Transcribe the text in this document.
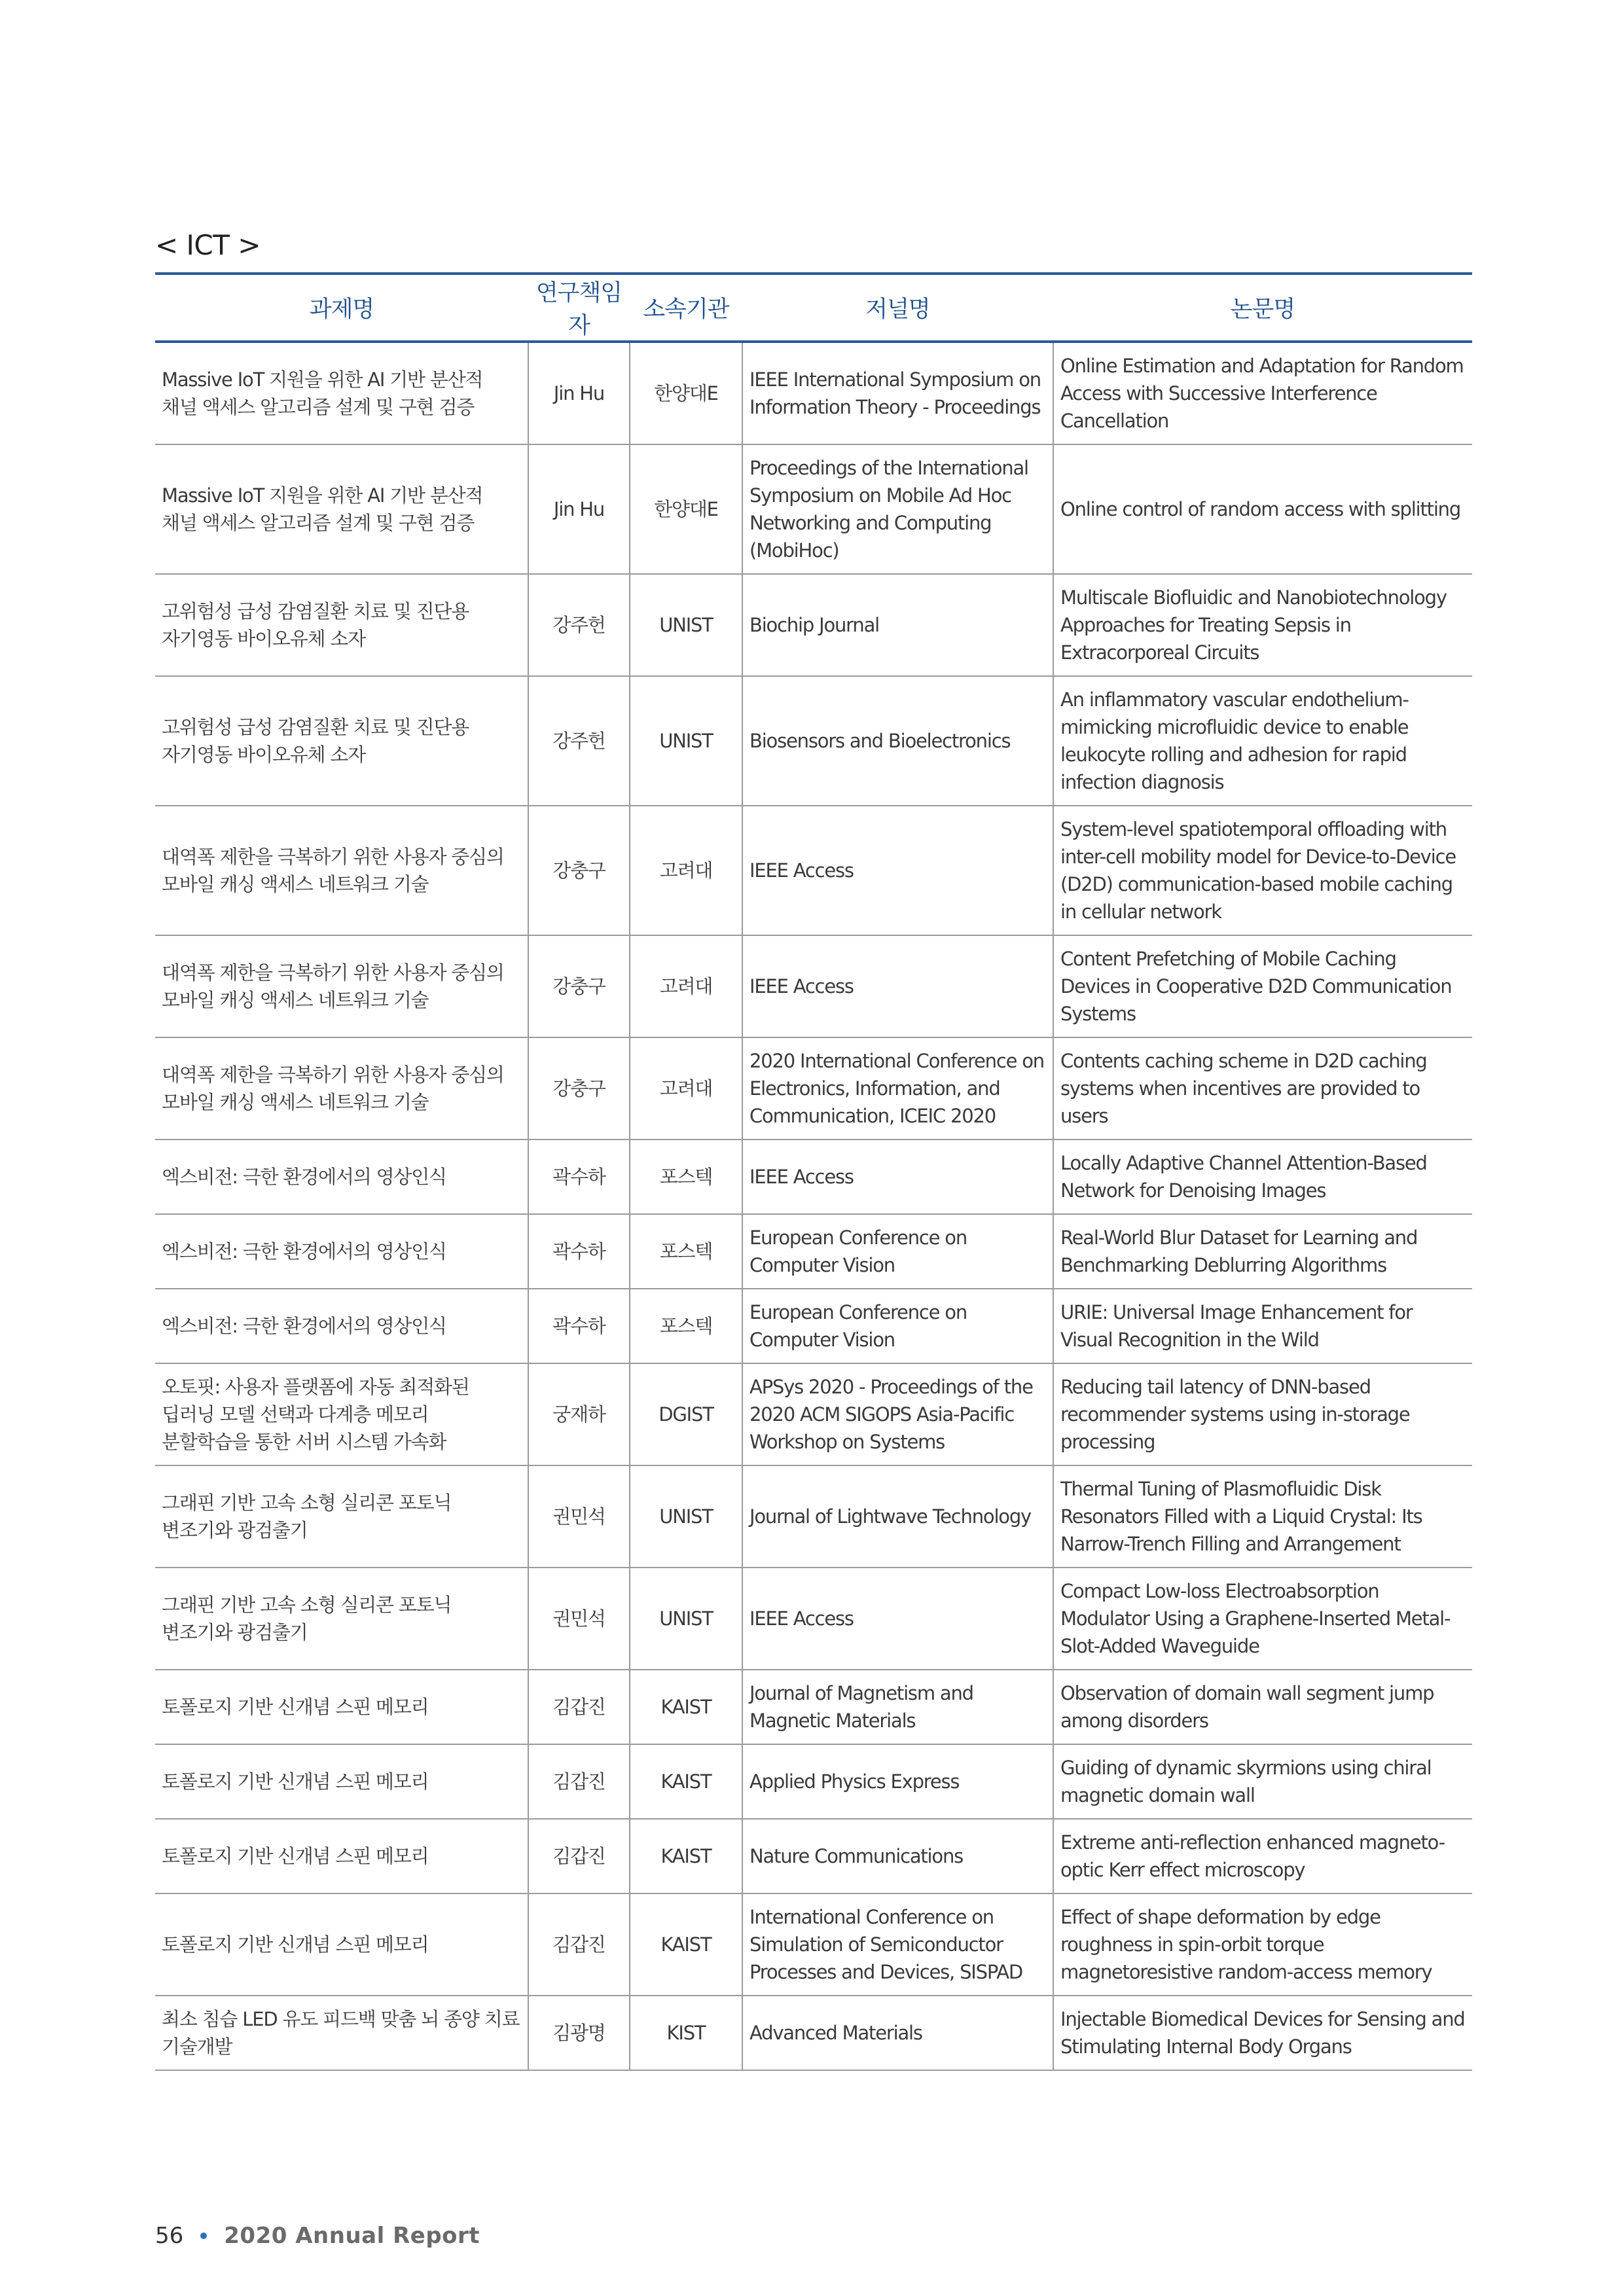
< ICT >
과제명	연구책임자	소속기관	저널명	논문명
Massive IoT 지원을 위한 AI 기반 분산적 채널 액세스 알고리즘 설계 및 구현 검증	Jin Hu	한양대E	IEEE International Symposium on Information Theory - Proceedings	Online Estimation and Adaptation for Random Access with Successive Interference Cancellation
Massive IoT 지원을 위한 AI 기반 분산적 채널 액세스 알고리즘 설계 및 구현 검증	Jin Hu	한양대E	Proceedings of the International Symposium on Mobile Ad Hoc Networking and Computing (MobiHoc)	Online control of random access with splitting
고위험성 급성 감염질환 치료 및 진단용 자기영동 바이오유체 소자	강주헌	UNIST	Biochip Journal	Multiscale Biofluidic and Nanobiotechnology Approaches for Treating Sepsis in Extracorporeal Circuits
고위험성 급성 감염질환 치료 및 진단용 자기영동 바이오유체 소자	강주헌	UNIST	Biosensors and Bioelectronics	An inflammatory vascular endothelium-mimicking microfluidic device to enable leukocyte rolling and adhesion for rapid infection diagnosis
대역폭 제한을 극복하기 위한 사용자 중심의 모바일 캐싱 액세스 네트워크 기술	강충구	고려대	IEEE Access	System-level spatiotemporal offloading with inter-cell mobility model for Device-to-Device (D2D) communication-based mobile caching in cellular network
대역폭 제한을 극복하기 위한 사용자 중심의 모바일 캐싱 액세스 네트워크 기술	강충구	고려대	IEEE Access	Content Prefetching of Mobile Caching Devices in Cooperative D2D Communication Systems
대역폭 제한을 극복하기 위한 사용자 중심의 모바일 캐싱 액세스 네트워크 기술	강충구	고려대	2020 International Conference on Electronics, Information, and Communication, ICEIC 2020	Contents caching scheme in D2D caching systems when incentives are provided to users
엑스비전: 극한 환경에서의 영상인식	곽수하	포스텍	IEEE Access	Locally Adaptive Channel Attention-Based Network for Denoising Images
엑스비전: 극한 환경에서의 영상인식	곽수하	포스텍	European Conference on Computer Vision	Real-World Blur Dataset for Learning and Benchmarking Deblurring Algorithms
엑스비전: 극한 환경에서의 영상인식	곽수하	포스텍	European Conference on Computer Vision	URIE: Universal Image Enhancement for Visual Recognition in the Wild
오토핏: 사용자 플랫폼에 자동 최적화된 딥러닝 모델 선택과 다계층 메모리 분할학습을 통한 서버 시스템 가속화	궁재하	DGIST	APSys 2020 - Proceedings of the 2020 ACM SIGOPS Asia-Pacific Workshop on Systems	Reducing tail latency of DNN-based recommender systems using in-storage processing
그래핀 기반 고속 소형 실리콘 포토닉 변조기와 광검출기	권민석	UNIST	Journal of Lightwave Technology	Thermal Tuning of Plasmofluidic Disk Resonators Filled with a Liquid Crystal: Its Narrow-Trench Filling and Arrangement
그래핀 기반 고속 소형 실리콘 포토닉 변조기와 광검출기	권민석	UNIST	IEEE Access	Compact Low-loss Electroabsorption Modulator Using a Graphene-Inserted Metal-Slot-Added Waveguide
토폴로지 기반 신개념 스핀 메모리	김갑진	KAIST	Journal of Magnetism and Magnetic Materials	Observation of domain wall segment jump among disorders
토폴로지 기반 신개념 스핀 메모리	김갑진	KAIST	Applied Physics Express	Guiding of dynamic skyrmions using chiral magnetic domain wall
토폴로지 기반 신개념 스핀 메모리	김갑진	KAIST	Nature Communications	Extreme anti-reflection enhanced magneto-optic Kerr effect microscopy
토폴로지 기반 신개념 스핀 메모리	김갑진	KAIST	International Conference on Simulation of Semiconductor Processes and Devices, SISPAD	Effect of shape deformation by edge roughness in spin-orbit torque magnetoresistive random-access memory
최소 침습 LED 유도 피드백 맞춤 뇌 종양 치료 기술개발	김광명	KIST	Advanced Materials	Injectable Biomedical Devices for Sensing and Stimulating Internal Body Organs
56 2020 Annual Report
